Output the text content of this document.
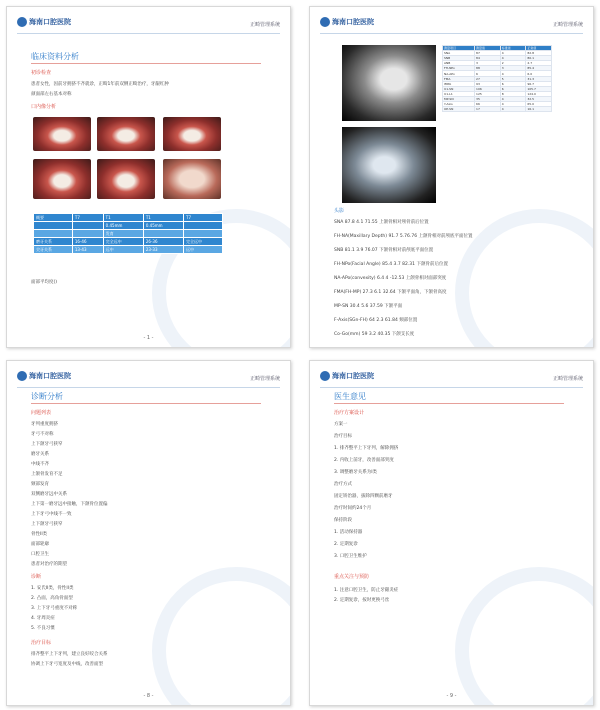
海南口腔医院	正畸管理系统
临床资料分析
初诊检查
患者女性，因前牙拥挤不齐就诊，正畸1年前双侧正畸治疗，牙龈红肿
颜面部左右基本对称
口内像分析
概要	T7	T1	T1	T7
		0.45mm	0.45mm	
		发育		
磨牙关系	16-46	完全远中	26-36	完全远中
尖牙关系	13-43	远中	23-33	远中
面部平均度()
- 1 -
海南口腔医院	正畸管理系统
测量项目	测量值	标准差	正常值
SNA	87	4	82.8
SNB	84	4	80.1
ANB	3	2	2.7
FH-NPo	88	3	85.4
NA-APo	6	4	6.0
FMA	27	5	31.3
IMPA	93	6	96.7
U1-SN	106	6	105.7
U1-L1	125	8	124.0
MP-SN	35	4	32.5
Y-Axis	66	4	65.0
OP-SN	17	4	16.1
头影
SNA 87.8 4.1 71.55 上颌骨相对颅骨前后位置
FH-NA(Maxillary Depth) 91.7 5.76.76 上颌骨相对前颅底平面位置
SNB 81.1 3.9 76.07 下颌骨相对前颅底平面位置
FH-NPo(Facial Angle) 85.4 3.7 82.31 下颌骨前后位置
NA-APo(convexity) 6.4 4 -12.53 上颌骨相对面部突度
FMA(FH-MP) 27.3 6.1 32.64 下颌平面角，下颌骨高度
MP-SN 30.4 5.6 37.59 下颌平面
F-Axis(SGn-FH) 64 2.3 61.84 颏部位置
Co-Go(mm) 59 3.2 40.35 下颌支长度
海南口腔医院	正畸管理系统
诊断分析
问题列表
牙列重度拥挤
牙弓不对称
上下颌牙弓狭窄
磨牙关系
中线不齐
上颌骨发育不足
颏部发育
双侧磨牙远中关系
上下第一磨牙远中接触，下颌骨位置偏
上下牙弓中线不一致
上下颌牙弓狭窄
骨性II类
面部轮廓
口腔卫生
患者对治疗的期望
诊断
1. 安氏II类，骨性II类
2. 凸面，高角骨面型
3. 上下牙弓重度不对称
4. 牙周炎症
5. 不良习惯
治疗目标
排齐整平上下牙列，建立良好咬合关系
协调上下牙弓宽度及中线，改善面型
- 8 -
海南口腔医院	正畸管理系统
医生意见
治疗方案设计
方案一
治疗目标
1. 排齐整平上下牙列，解除拥挤
2. 内收上前牙，改善面部突度
3. 调整磨牙关系为I类
治疗方式
固定矫治器，拔除四颗前磨牙
治疗时间约24个月
保持阶段
1. 活动保持器
2. 定期复诊
3. 口腔卫生维护
重点关注与预防
1. 注意口腔卫生，防止牙龈炎症
2. 定期复诊，按时更换弓丝
- 9 -
